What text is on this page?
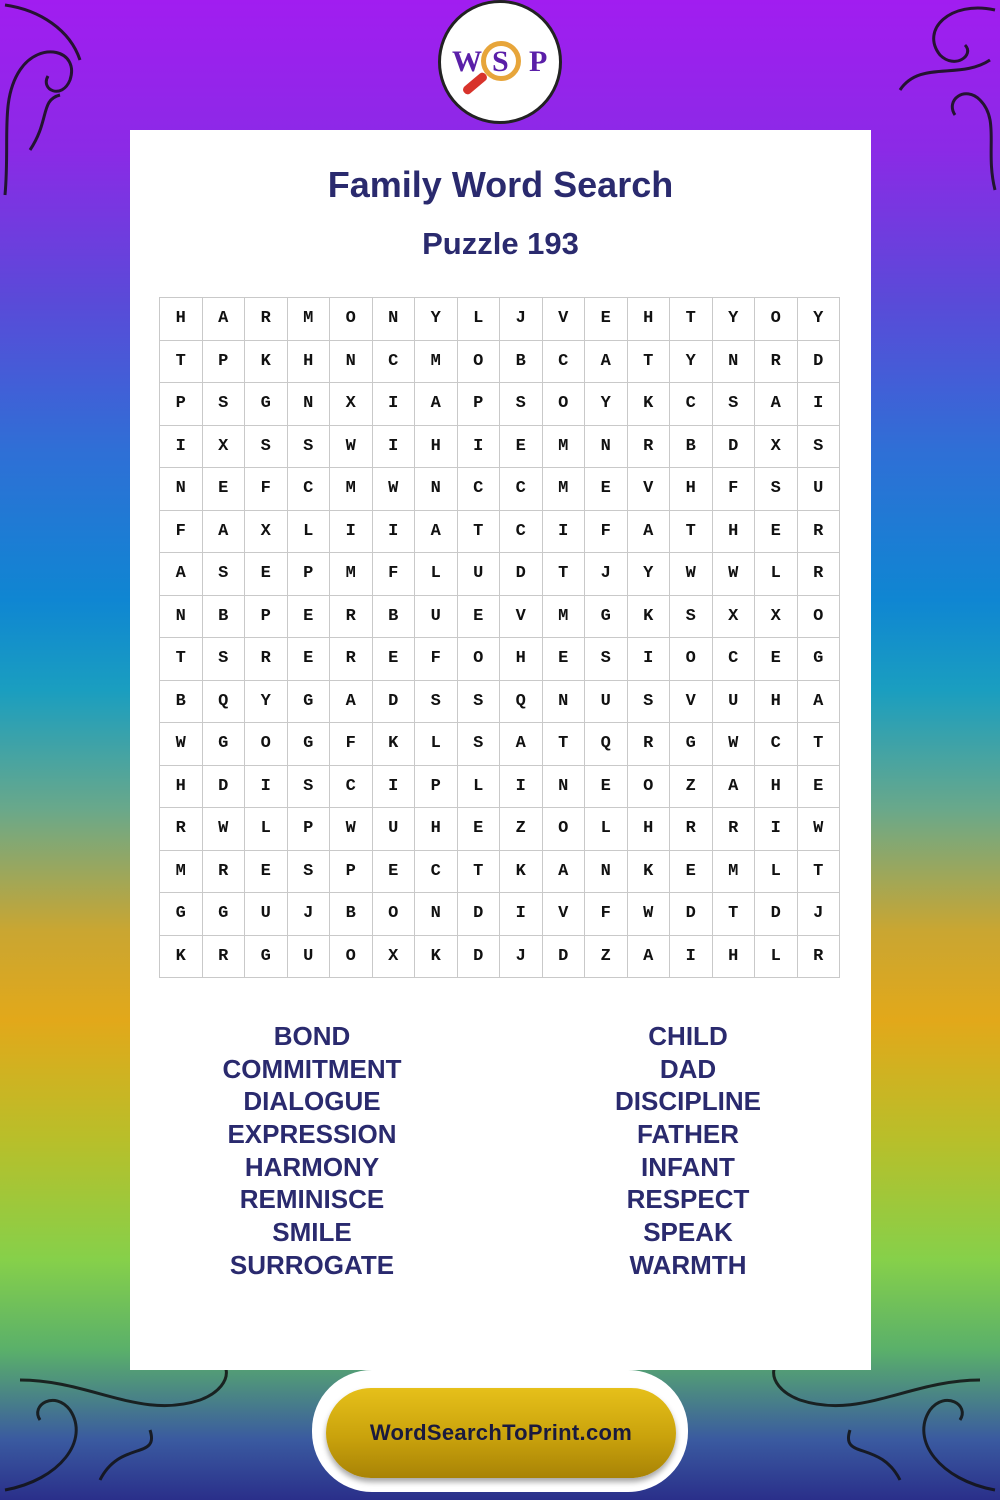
W S P
Family Word Search
Puzzle 193
H	A	R	M	O	N	Y	L	J	V	E	H	T	Y	O	Y
T	P	K	H	N	C	M	O	B	C	A	T	Y	N	R	D
P	S	G	N	X	I	A	P	S	O	Y	K	C	S	A	I
I	X	S	S	W	I	H	I	E	M	N	R	B	D	X	S
N	E	F	C	M	W	N	C	C	M	E	V	H	F	S	U
F	A	X	L	I	I	A	T	C	I	F	A	T	H	E	R
A	S	E	P	M	F	L	U	D	T	J	Y	W	W	L	R
N	B	P	E	R	B	U	E	V	M	G	K	S	X	X	O
T	S	R	E	R	E	F	O	H	E	S	I	O	C	E	G
B	Q	Y	G	A	D	S	S	Q	N	U	S	V	U	H	A
W	G	O	G	F	K	L	S	A	T	Q	R	G	W	C	T
H	D	I	S	C	I	P	L	I	N	E	O	Z	A	H	E
R	W	L	P	W	U	H	E	Z	O	L	H	R	R	I	W
M	R	E	S	P	E	C	T	K	A	N	K	E	M	L	T
G	G	U	J	B	O	N	D	I	V	F	W	D	T	D	J
K	R	G	U	O	X	K	D	J	D	Z	A	I	H	L	R
BOND
COMMITMENT
DIALOGUE
EXPRESSION
HARMONY
REMINISCE
SMILE
SURROGATE
CHILD
DAD
DISCIPLINE
FATHER
INFANT
RESPECT
SPEAK
WARMTH
WordSearchToPrint.com
